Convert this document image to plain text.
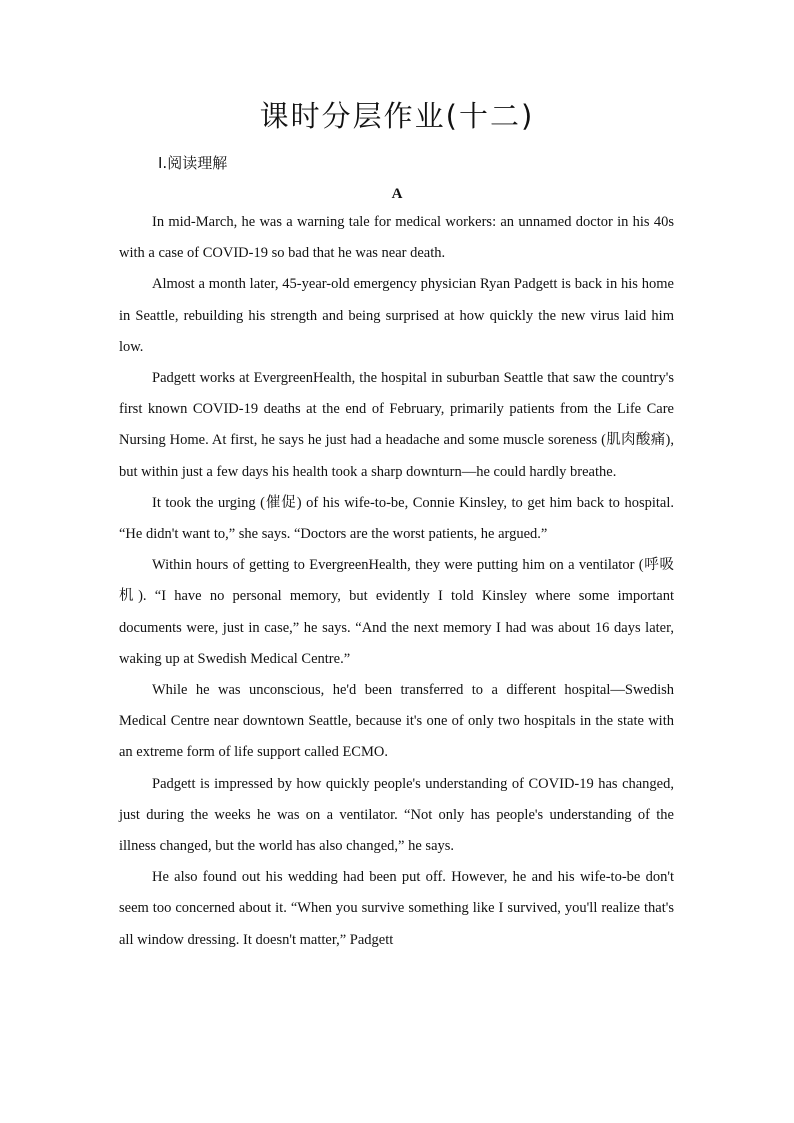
课时分层作业(十二)
Ⅰ.阅读理解
A

In mid-March, he was a warning tale for medical workers: an unnamed doctor in his 40s with a case of COVID-19 so bad that he was near death.

Almost a month later, 45-year-old emergency physician Ryan Padgett is back in his home in Seattle, rebuilding his strength and being surprised at how quickly the new virus laid him low.

Padgett works at EvergreenHealth, the hospital in suburban Seattle that saw the country's first known COVID-19 deaths at the end of February, primarily patients from the Life Care Nursing Home. At first, he says he just had a headache and some muscle soreness (肌肉酸痛), but within just a few days his health took a sharp downturn—he could hardly breathe.

It took the urging (催促) of his wife-to-be, Connie Kinsley, to get him back to hospital. “He didn't want to,” she says. “Doctors are the worst patients, he argued.”

Within hours of getting to EvergreenHealth, they were putting him on a ventilator (呼吸机). “I have no personal memory, but evidently I told Kinsley where some important documents were, just in case,” he says. “And the next memory I had was about 16 days later, waking up at Swedish Medical Centre.”

While he was unconscious, he'd been transferred to a different hospital—Swedish Medical Centre near downtown Seattle, because it's one of only two hospitals in the state with an extreme form of life support called ECMO.

Padgett is impressed by how quickly people's understanding of COVID-19 has changed, just during the weeks he was on a ventilator. “Not only has people's understanding of the illness changed, but the world has also changed,” he says.

He also found out his wedding had been put off. However, he and his wife-to-be don't seem too concerned about it. “When you survive something like I survived, you'll realize that's all window dressing. It doesn't matter,” Padgett
